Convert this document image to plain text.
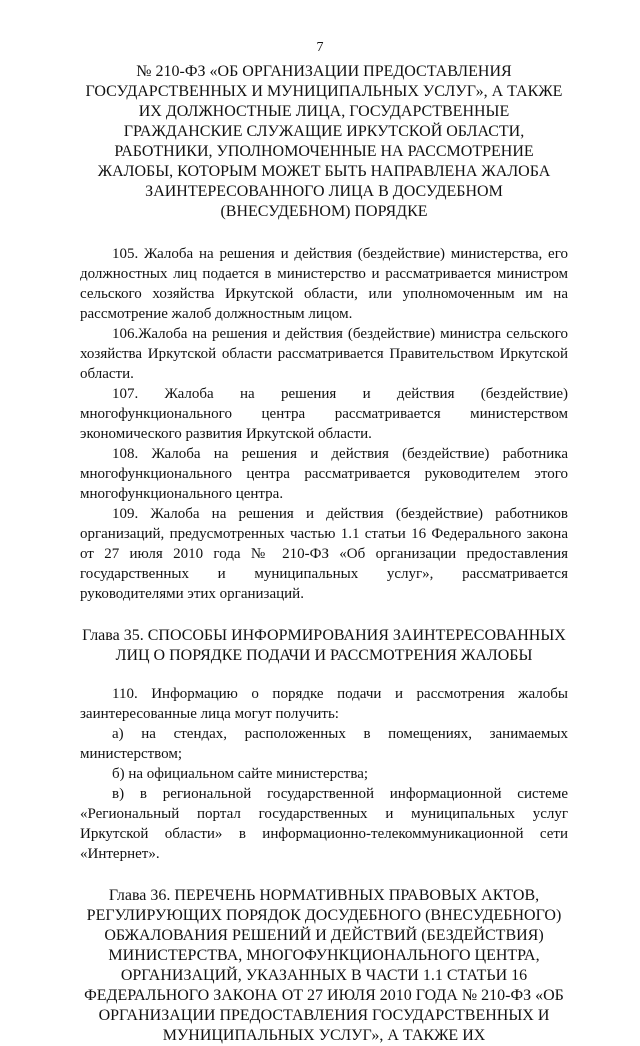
7
№ 210-ФЗ «ОБ ОРГАНИЗАЦИИ ПРЕДОСТАВЛЕНИЯ ГОСУДАРСТВЕННЫХ И МУНИЦИПАЛЬНЫХ УСЛУГ», А ТАКЖЕ ИХ ДОЛЖНОСТНЫЕ ЛИЦА, ГОСУДАРСТВЕННЫЕ ГРАЖДАНСКИЕ СЛУЖАЩИЕ ИРКУТСКОЙ ОБЛАСТИ, РАБОТНИКИ, УПОЛНОМОЧЕННЫЕ НА РАССМОТРЕНИЕ ЖАЛОБЫ, КОТОРЫМ МОЖЕТ БЫТЬ НАПРАВЛЕНА ЖАЛОБА ЗАИНТЕРЕСОВАННОГО ЛИЦА В ДОСУДЕБНОМ (ВНЕСУДЕБНОМ) ПОРЯДКЕ

105. Жалоба на решения и действия (бездействие) министерства, его должностных лиц подается в министерство и рассматривается министром сельского хозяйства Иркутской области, или уполномоченным им на рассмотрение жалоб должностным лицом.

106.Жалоба на решения и действия (бездействие) министра сельского хозяйства Иркутской области рассматривается Правительством Иркутской области.

107. Жалоба на решения и действия (бездействие) многофункционального центра рассматривается министерством экономического развития Иркутской области.

108. Жалоба на решения и действия (бездействие) работника многофункционального центра рассматривается руководителем этого многофункционального центра.

109. Жалоба на решения и действия (бездействие) работников организаций, предусмотренных частью 1.1 статьи 16 Федерального закона от 27 июля 2010 года № 210-ФЗ «Об организации предоставления государственных и муниципальных услуг», рассматривается руководителями этих организаций.

Глава 35. СПОСОБЫ ИНФОРМИРОВАНИЯ ЗАИНТЕРЕСОВАННЫХ ЛИЦ О ПОРЯДКЕ ПОДАЧИ И РАССМОТРЕНИЯ ЖАЛОБЫ

110. Информацию о порядке подачи и рассмотрения жалобы заинтересованные лица могут получить:

а) на стендах, расположенных в помещениях, занимаемых министерством;

б) на официальном сайте министерства;

в) в региональной государственной информационной системе «Региональный портал государственных и муниципальных услуг Иркутской области» в информационно-телекоммуникационной сети «Интернет».

Глава 36. ПЕРЕЧЕНЬ НОРМАТИВНЫХ ПРАВОВЫХ АКТОВ, РЕГУЛИРУЮЩИХ ПОРЯДОК ДОСУДЕБНОГО (ВНЕСУДЕБНОГО) ОБЖАЛОВАНИЯ РЕШЕНИЙ И ДЕЙСТВИЙ (БЕЗДЕЙСТВИЯ) МИНИСТЕРСТВА, МНОГОФУНКЦИОНАЛЬНОГО ЦЕНТРА, ОРГАНИЗАЦИЙ, УКАЗАННЫХ В ЧАСТИ 1.1 СТАТЬИ 16 ФЕДЕРАЛЬНОГО ЗАКОНА ОТ 27 ИЮЛЯ 2010 ГОДА № 210-ФЗ «ОБ ОРГАНИЗАЦИИ ПРЕДОСТАВЛЕНИЯ ГОСУДАРСТВЕННЫХ И МУНИЦИПАЛЬНЫХ УСЛУГ», А ТАКЖЕ ИХ
